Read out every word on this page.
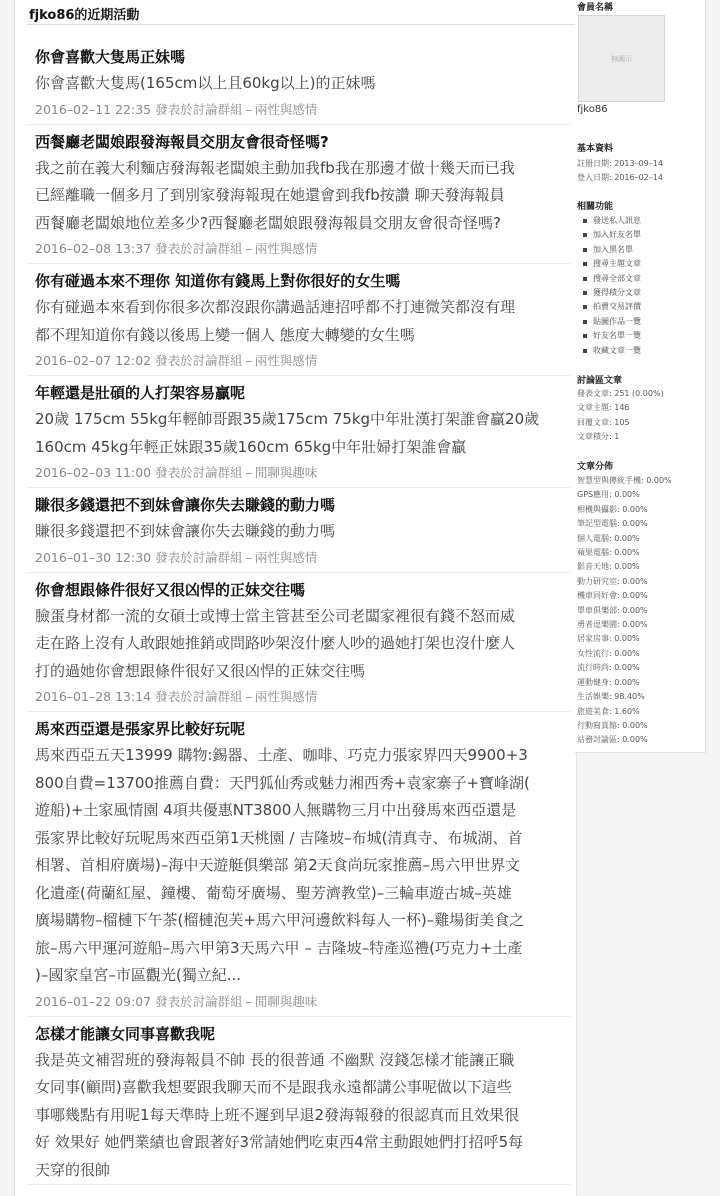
fjko86的近期活動
你會喜歡大隻馬正妹嗎
你會喜歡大隻馬(165cm以上且60kg以上)的正妹嗎
2016–02–11 22:35 發表於討論群組 – 兩性與感情
西餐廳老闆娘跟發海報員交朋友會很奇怪嗎?
我之前在義大利麵店發海報老闆娘主動加我fb我在那邊才做十幾天而已我
已經離職一個多月了到別家發海報現在她還會到我fb按讚 聊天發海報員
西餐廳老闆娘地位差多少?西餐廳老闆娘跟發海報員交朋友會很奇怪嗎?
2016–02–08 13:37 發表於討論群組 – 兩性與感情
你有碰過本來不理你 知道你有錢馬上對你很好的女生嗎
你有碰過本來看到你很多次都沒跟你講過話連招呼都不打連微笑都沒有理
都不理知道你有錢以後馬上變一個人 態度大轉變的女生嗎
2016–02–07 12:02 發表於討論群組 – 兩性與感情
年輕還是壯碩的人打架容易贏呢
20歲 175cm 55kg年輕帥哥跟35歲175cm 75kg中年壯漢打架誰會贏20歲
160cm 45kg年輕正妹跟35歲160cm 65kg中年壯婦打架誰會贏
2016–02–03 11:00 發表於討論群組 – 閒聊與趣味
賺很多錢還把不到妹會讓你失去賺錢的動力嗎
賺很多錢還把不到妹會讓你失去賺錢的動力嗎
2016–01–30 12:30 發表於討論群組 – 兩性與感情
你會想跟條件很好又很凶悍的正妹交往嗎
臉蛋身材都一流的女碩士或博士當主管甚至公司老闆家裡很有錢不怒而威
走在路上沒有人敢跟她推銷或問路吵架沒什麼人吵的過她打架也沒什麼人
打的過她你會想跟條件很好又很凶悍的正妹交往嗎
2016–01–28 13:14 發表於討論群組 – 兩性與感情
馬來西亞還是張家界比較好玩呢
馬來西亞五天13999 購物:錫器、土產、咖啡、巧克力張家界四天9900+3
800自費=13700推薦自費：天門狐仙秀或魅力湘西秀+袁家寨子+寶峰湖(
遊船)+土家風情園 4項共優惠NT3800人無購物三月中出發馬來西亞還是
張家界比較好玩呢馬來西亞第1天桃園 / 吉隆坡–布城(清真寺、布城湖、首
相署、首相府廣場)–海中天遊艇俱樂部 第2天食尚玩家推薦–馬六甲世界文
化遺產(荷蘭紅屋、鐘樓、葡萄牙廣場、聖芳濟教堂)–三輪車遊古城–英雄
廣場購物–榴槤下午茶(榴槤泡芙+馬六甲河邊飲料每人一杯)–雞場街美食之
旅–馬六甲運河遊船–馬六甲第3天馬六甲 – 吉隆坡–特產巡禮(巧克力+土產
)–國家皇宮–市區觀光(獨立紀...
2016–01–22 09:07 發表於討論群組 – 閒聊與趣味
怎樣才能讓女同事喜歡我呢
我是英文補習班的發海報員不帥 長的很普通 不幽默 沒錢怎樣才能讓正職
女同事(顧問)喜歡我想要跟我聊天而不是跟我永遠都講公事呢做以下這些
事哪幾點有用呢1每天準時上班不遲到早退2發海報發的很認真而且效果很
好 效果好 她們業績也會跟著好3常請她們吃東西4常主動跟她們打招呼5每
天穿的很帥
會員名稱
無圖示
fjko86
基本資料
註冊日期: 2013–09–14
登入日期: 2016–02–14
相關功能
發送私人訊息
加入好友名單
加入黑名單
搜尋主題文章
搜尋全部文章
獲得積分文章
拍賣交易評價
貼圖作品一覽
好友名單一覽
收藏文章一覽
討論區文章
發表文章: 251 (0.00%)
文章主題: 146
回覆文章: 105
文章積分: 1
文章分佈
智慧型與傳統手機: 0.00%
GPS應用: 0.00%
相機與攝影: 0.00%
筆記型電腦: 0.00%
個人電腦: 0.00%
蘋果電腦: 0.00%
影音天地: 0.00%
動力研究室: 0.00%
機車同好會: 0.00%
單車俱樂部: 0.00%
勇者逗樂園: 0.00%
居家房事: 0.00%
女性流行: 0.00%
流行時尚: 0.00%
運動健身: 0.00%
生活娛樂: 98.40%
旅遊美食: 1.60%
行動寫真館: 0.00%
站務討論區: 0.00%
